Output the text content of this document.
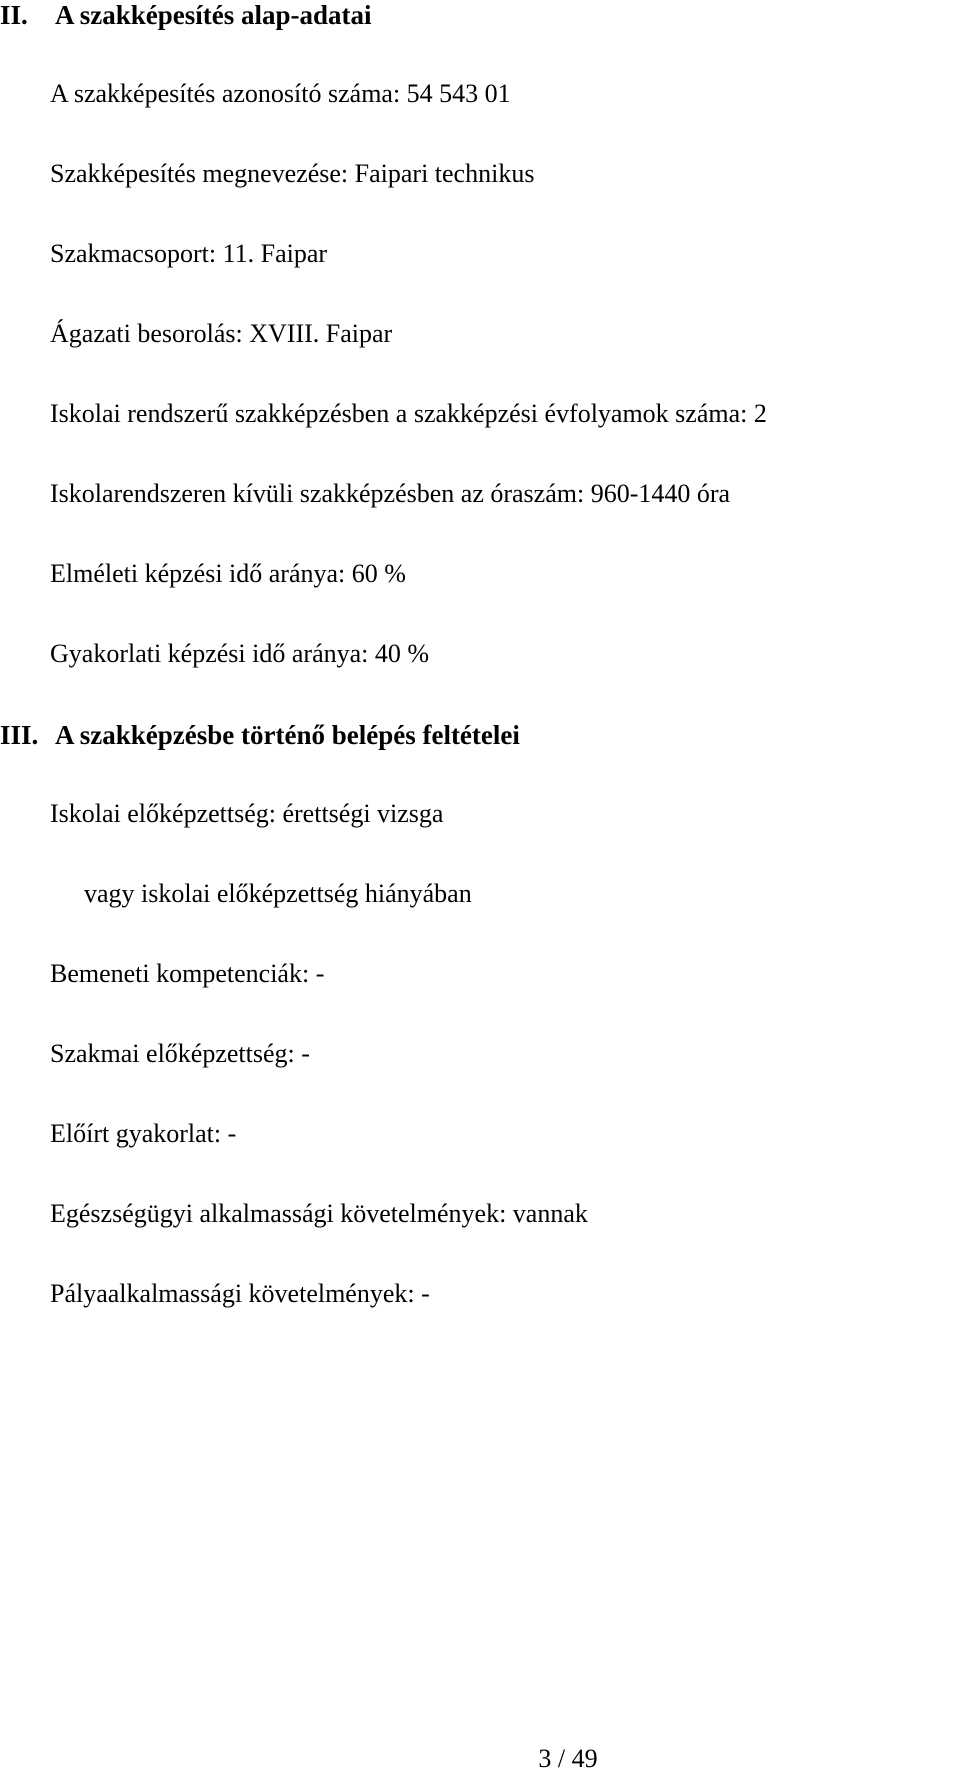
II. A szakképesítés alap-adatai
A szakképesítés azonosító száma: 54 543 01
Szakképesítés megnevezése: Faipari technikus
Szakmacsoport: 11. Faipar
Ágazati besorolás: XVIII. Faipar
Iskolai rendszerű szakképzésben a szakképzési évfolyamok száma: 2
Iskolarendszeren kívüli szakképzésben az óraszám: 960-1440 óra
Elméleti képzési idő aránya: 60 %
Gyakorlati képzési idő aránya: 40 %
III. A szakképzésbe történő belépés feltételei
Iskolai előképzettség: érettségi vizsga
vagy iskolai előképzettség hiányában
Bemeneti kompetenciák: -
Szakmai előképzettség: -
Előírt gyakorlat: -
Egészségügyi alkalmassági követelmények: vannak
Pályaalkalmassági követelmények: -
3 / 49
